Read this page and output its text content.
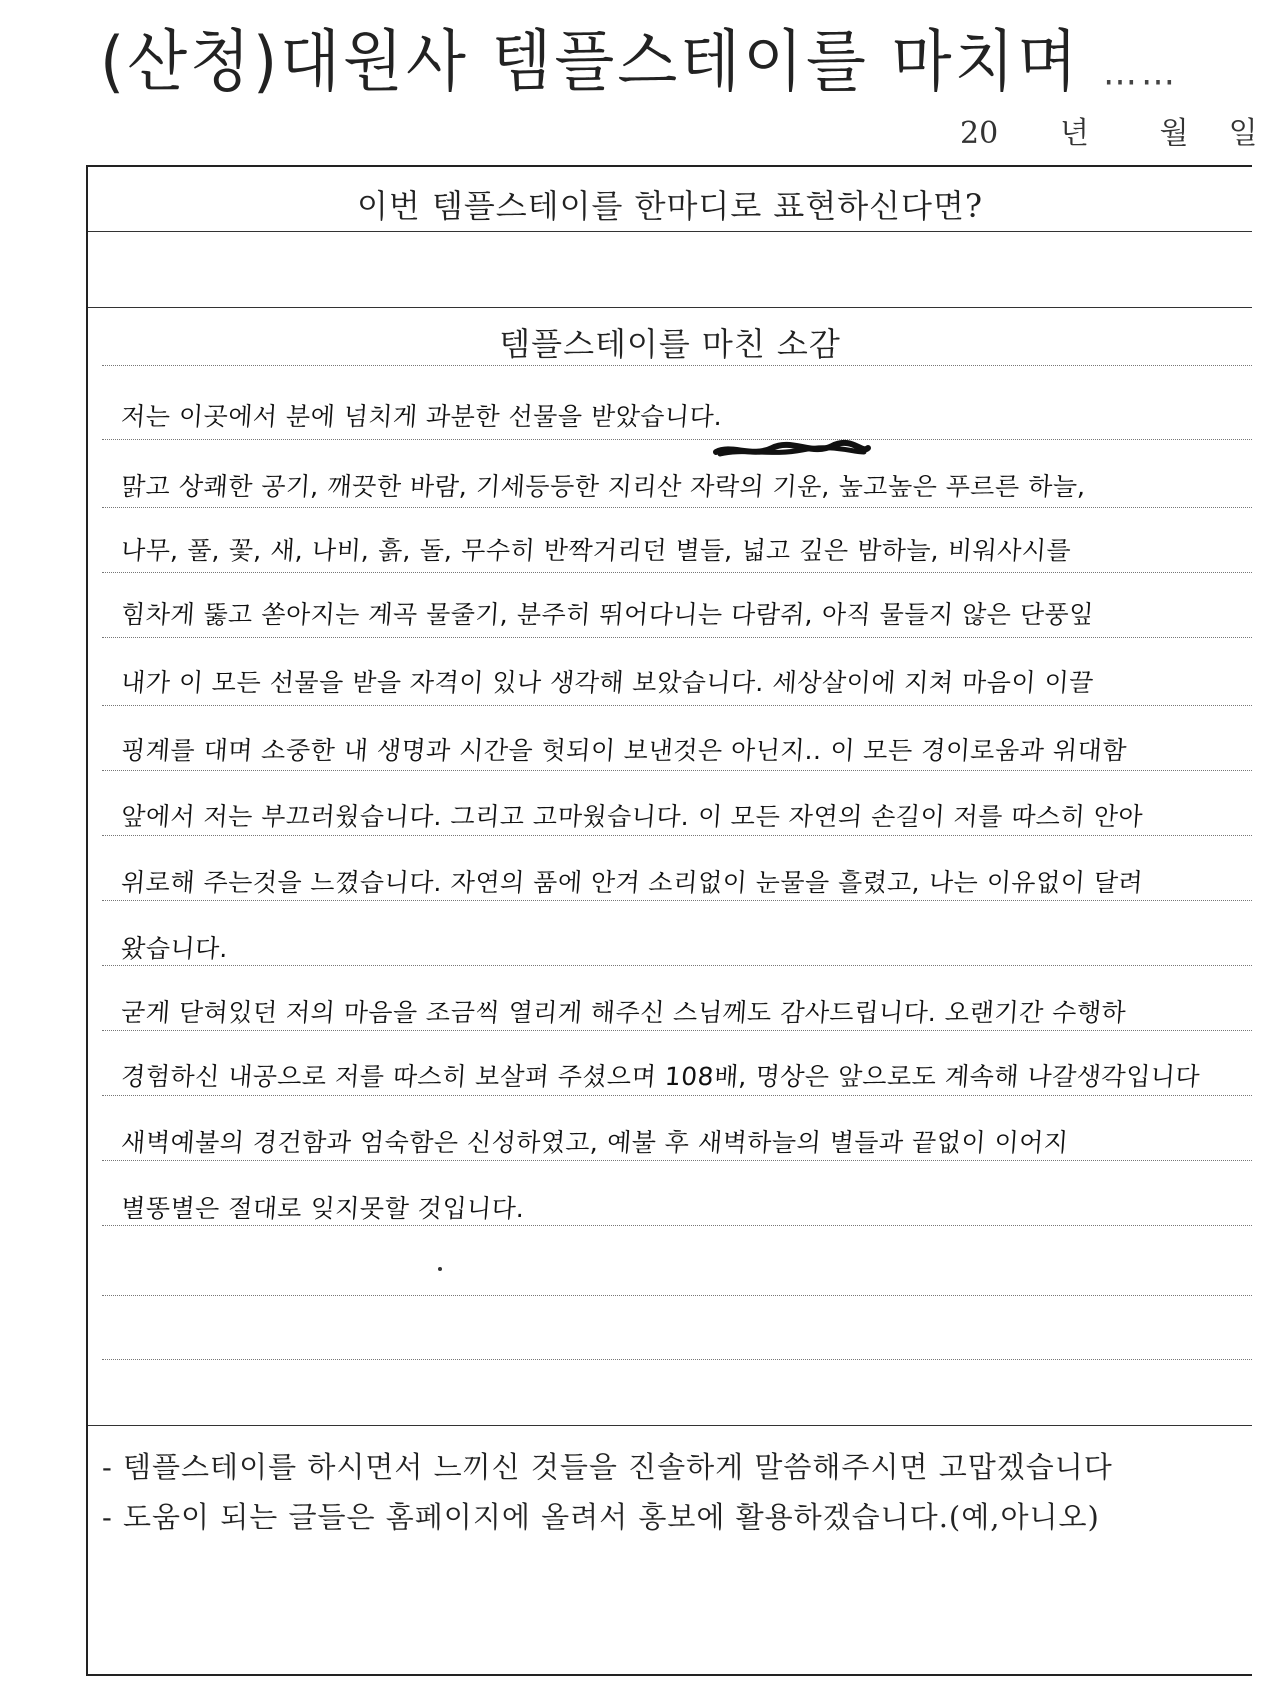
(산청)대원사 템플스테이를 마치며 ……
20 년 월 일
이번 템플스테이를 한마디로 표현하신다면?
템플스테이를 마친 소감
저는 이곳에서 분에 넘치게 과분한 선물을 받았습니다.
맑고 상쾌한 공기, 깨끗한 바람, 기세등등한 지리산 자락의 기운, 높고높은 푸르른 하늘,
나무, 풀, 꽃, 새, 나비, 흙, 돌, 무수히 반짝거리던 별들, 넓고 깊은 밤하늘, 비워사시를
힘차게 뚫고 쏟아지는 계곡 물줄기, 분주히 뛰어다니는 다람쥐, 아직 물들지 않은 단풍잎
내가 이 모든 선물을 받을 자격이 있나 생각해 보았습니다. 세상살이에 지쳐 마음이 이끌
핑계를 대며 소중한 내 생명과 시간을 헛되이 보낸것은 아닌지.. 이 모든 경이로움과 위대함
앞에서 저는 부끄러웠습니다. 그리고 고마웠습니다. 이 모든 자연의 손길이 저를 따스히 안아
위로해 주는것을 느꼈습니다. 자연의 품에 안겨 소리없이 눈물을 흘렸고, 나는 이유없이 달려
왔습니다.
굳게 닫혀있던 저의 마음을 조금씩 열리게 해주신 스님께도 감사드립니다. 오랜기간 수행하
경험하신 내공으로 저를 따스히 보살펴 주셨으며 108배, 명상은 앞으로도 계속해 나갈생각입니다
새벽예불의 경건함과 엄숙함은 신성하였고, 예불 후 새벽하늘의 별들과 끝없이 이어지
별똥별은 절대로 잊지못할 것입니다.
- 템플스테이를 하시면서 느끼신 것들을 진솔하게 말씀해주시면 고맙겠습니다
- 도움이 되는 글들은 홈페이지에 올려서 홍보에 활용하겠습니다.(예,아니오)
